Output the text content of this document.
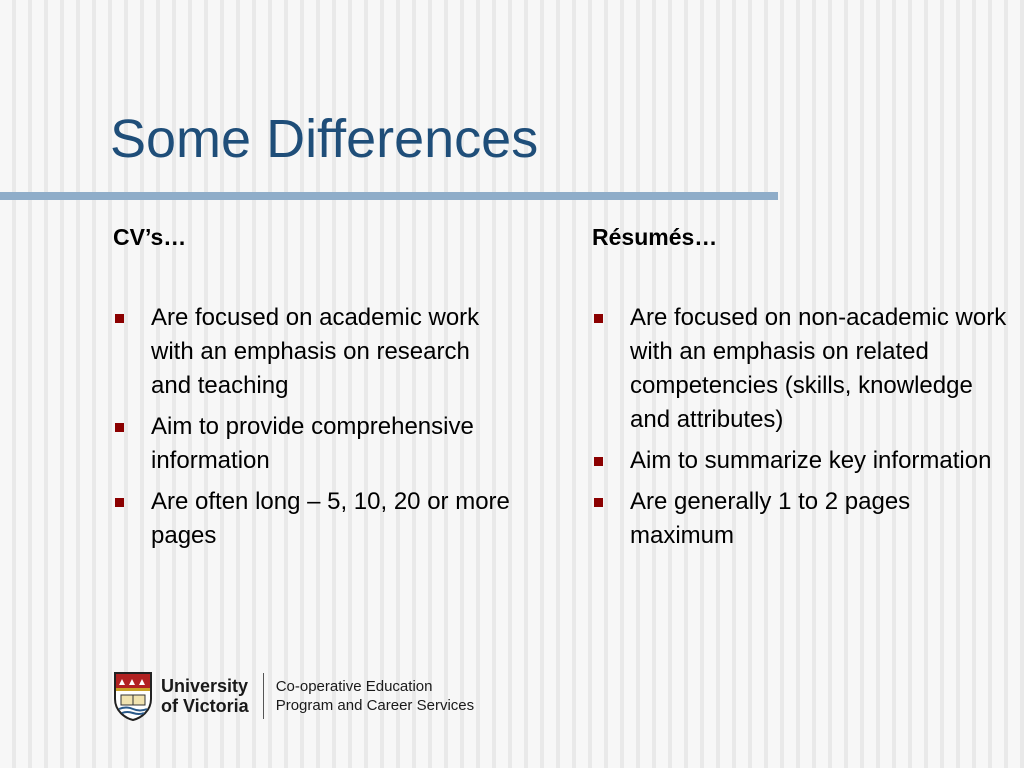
Some Differences
CV’s…
Are focused on academic work with an emphasis on research and teaching
Aim to provide comprehensive information
Are often long – 5, 10, 20 or more pages
Résumés…
Are focused on non-academic work with an emphasis on related competencies (skills, knowledge and attributes)
Aim to summarize key information
Are generally 1 to 2 pages maximum
University
of Victoria
Co-operative Education
Program and Career Services
